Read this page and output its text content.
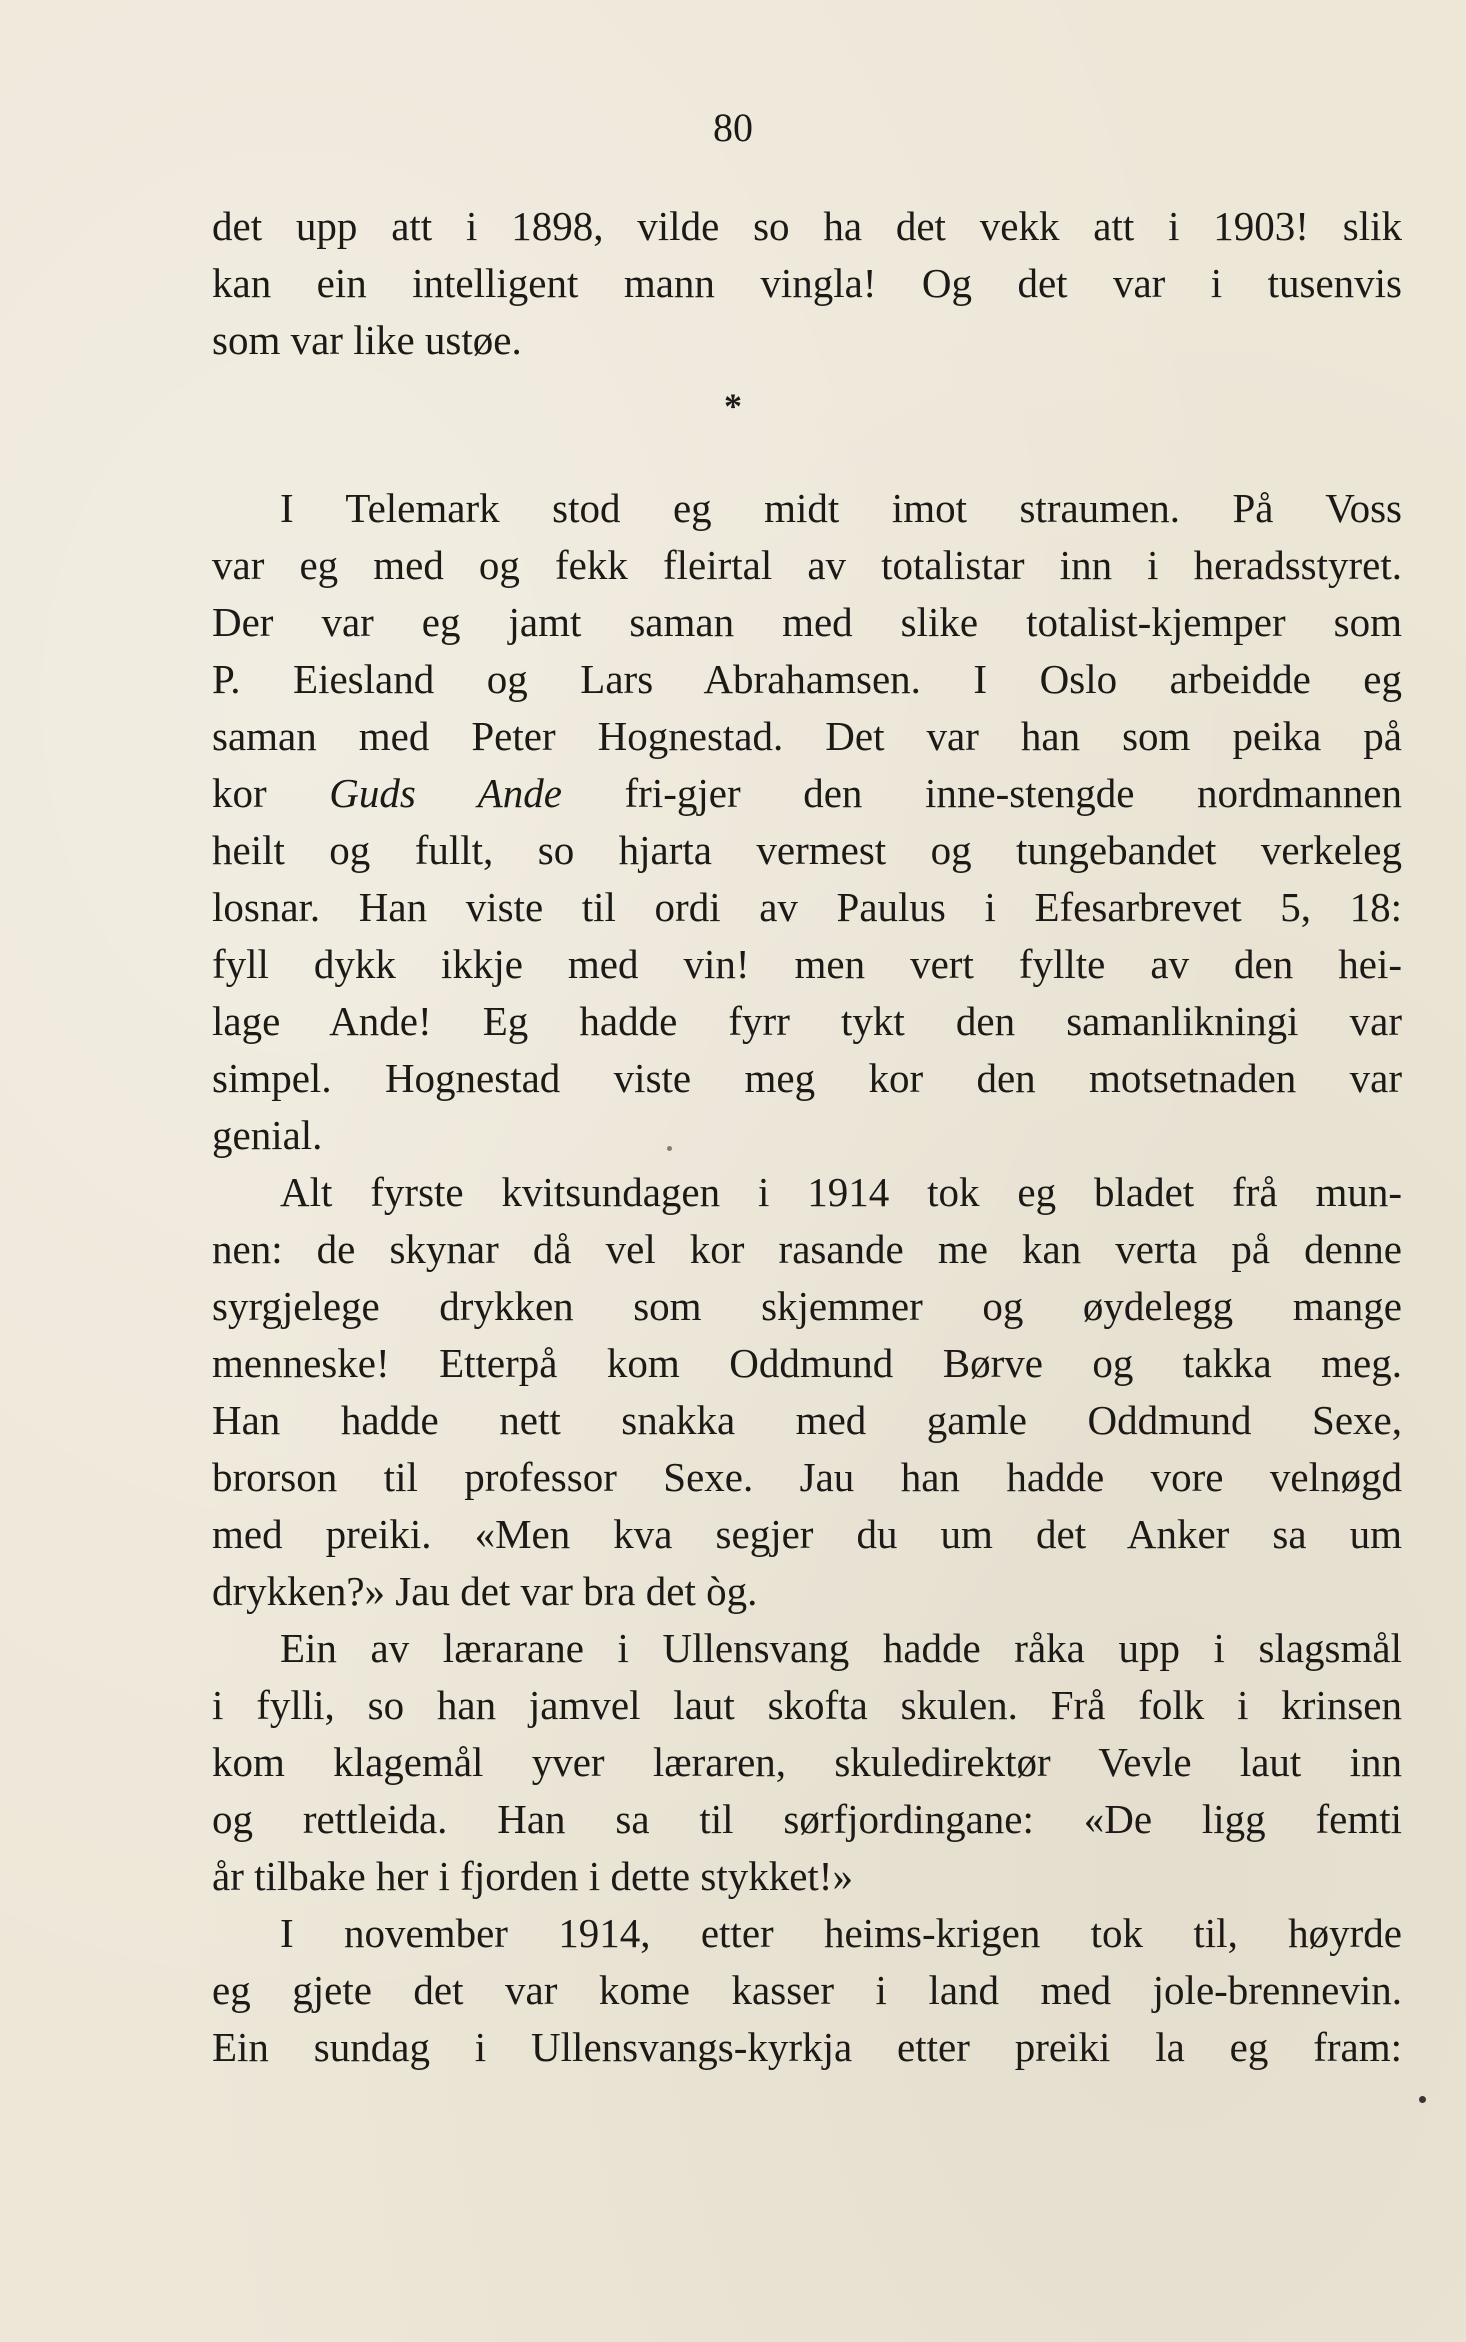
80
det upp att i 1898, vilde so ha det vekk att i 1903! slik
kan ein intelligent mann vingla! Og det var i tusenvis
som var like ustøe.
*
I Telemark stod eg midt imot straumen. På Voss
var eg med og fekk fleirtal av totalistar inn i heradsstyret.
Der var eg jamt saman med slike totalist-kjemper som
P. Eiesland og Lars Abrahamsen. I Oslo arbeidde eg
saman med Peter Hognestad. Det var han som peika på
kor Guds Ande fri-gjer den inne-stengde nordmannen
heilt og fullt, so hjarta vermest og tungebandet verkeleg
losnar. Han viste til ordi av Paulus i Efesarbrevet 5, 18:
fyll dykk ikkje med vin! men vert fyllte av den hei-
lage Ande! Eg hadde fyrr tykt den samanlikningi var
simpel. Hognestad viste meg kor den motsetnaden var
genial.
Alt fyrste kvitsundagen i 1914 tok eg bladet frå mun-
nen: de skynar då vel kor rasande me kan verta på denne
syrgjelege drykken som skjemmer og øydelegg mange
menneske! Etterpå kom Oddmund Børve og takka meg.
Han hadde nett snakka med gamle Oddmund Sexe,
brorson til professor Sexe. Jau han hadde vore velnøgd
med preiki. «Men kva segjer du um det Anker sa um
drykken?» Jau det var bra det òg.
Ein av lærarane i Ullensvang hadde råka upp i slagsmål
i fylli, so han jamvel laut skofta skulen. Frå folk i krinsen
kom klagemål yver læraren, skuledirektør Vevle laut inn
og rettleida. Han sa til sørfjordingane: «De ligg femti
år tilbake her i fjorden i dette stykket!»
I november 1914, etter heims-krigen tok til, høyrde
eg gjete det var kome kasser i land med jole-brennevin.
Ein sundag i Ullensvangs-kyrkja etter preiki la eg fram:
